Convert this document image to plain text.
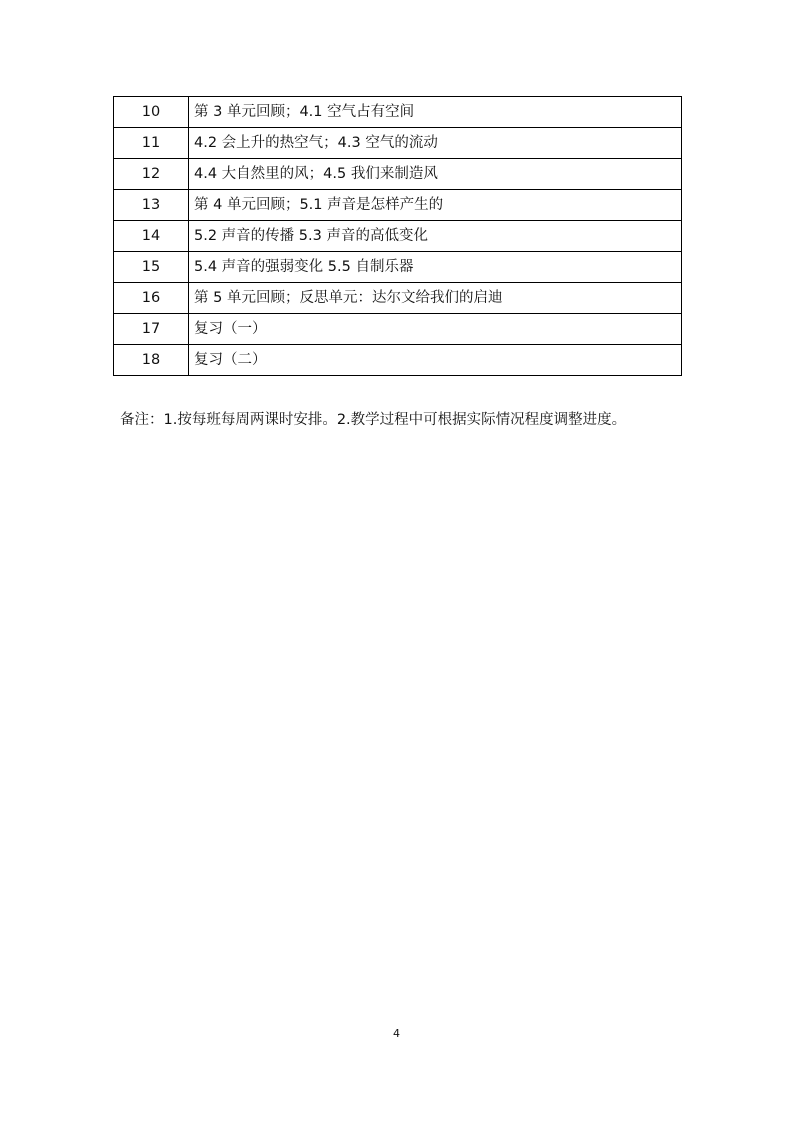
10	第 3 单元回顾；4.1 空气占有空间
11	4.2 会上升的热空气；4.3 空气的流动
12	4.4 大自然里的风；4.5 我们来制造风
13	第 4 单元回顾；5.1 声音是怎样产生的
14	5.2 声音的传播 5.3 声音的高低变化
15	5.4 声音的强弱变化 5.5 自制乐器
16	第 5 单元回顾；反思单元：达尔文给我们的启迪
17	复习（一）
18	复习（二）
备注：1.按每班每周两课时安排。2.教学过程中可根据实际情况程度调整进度。
4
